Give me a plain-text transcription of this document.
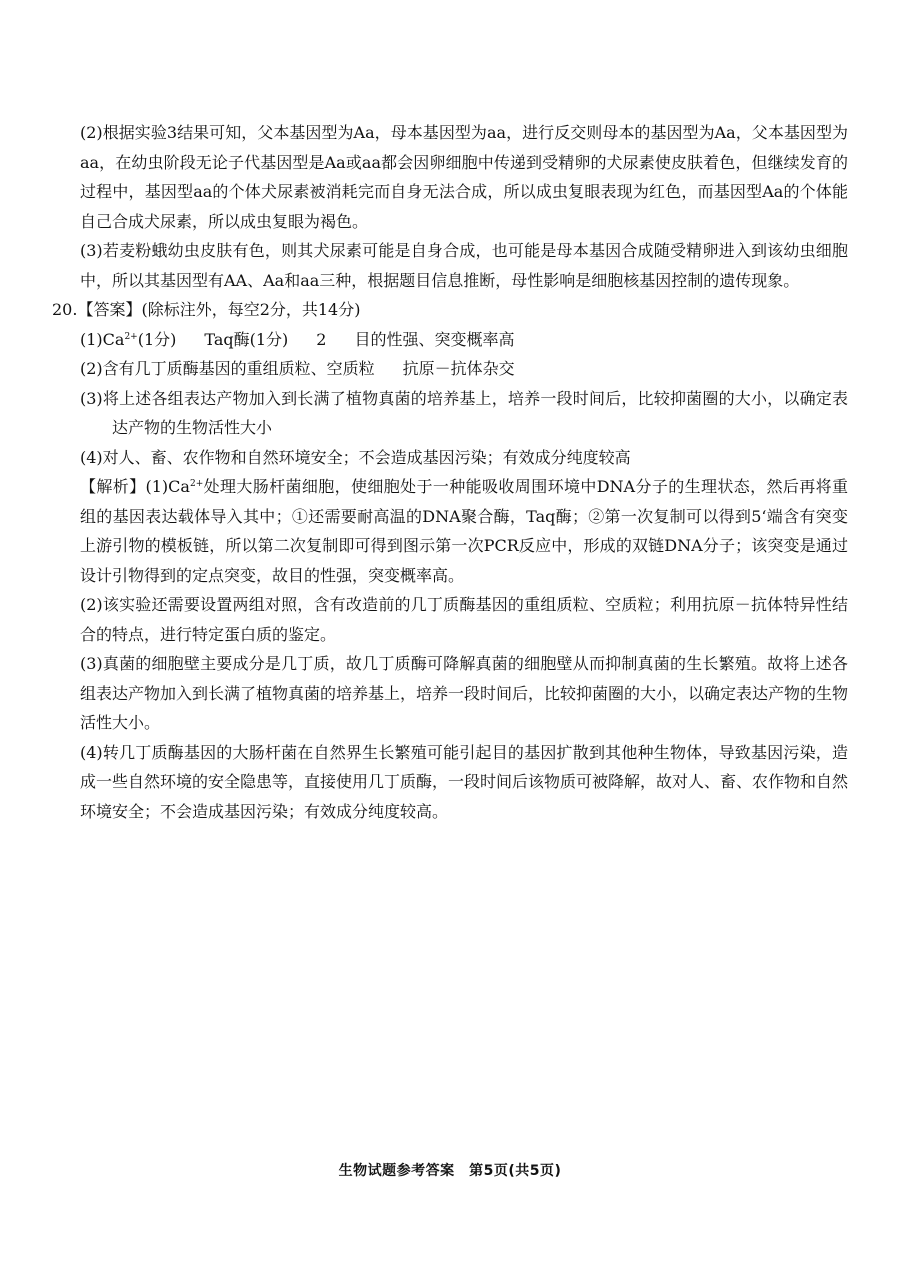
(2)根据实验3结果可知，父本基因型为Aa，母本基因型为aa，进行反交则母本的基因型为Aa，父本基因型为aa，在幼虫阶段无论子代基因型是Aa或aa都会因卵细胞中传递到受精卵的犬尿素使皮肤着色，但继续发育的过程中，基因型aa的个体犬尿素被消耗完而自身无法合成，所以成虫复眼表现为红色，而基因型Aa的个体能自己合成犬尿素，所以成虫复眼为褐色。

(3)若麦粉蛾幼虫皮肤有色，则其犬尿素可能是自身合成，也可能是母本基因合成随受精卵进入到该幼虫细胞中，所以其基因型有AA、Aa和aa三种，根据题目信息推断，母性影响是细胞核基因控制的遗传现象。

20.【答案】(除标注外，每空2分，共14分)

$(1)Ca^{2+}(1$分) Taq酶(1分) 2 目的性强、突变概率高

(2)含有几丁质酶基因的重组质粒、空质粒 抗原－抗体杂交

(3)将上述各组表达产物加入到长满了植物真菌的培养基上，培养一段时间后，比较抑菌圈的大小，以确定表达产物的生物活性大小

(4)对人、畜、农作物和自然环境安全；不会造成基因污染；有效成分纯度较高

【解析】$(1)Ca^{2+}$处理大肠杆菌细胞，使细胞处于一种能吸收周围环境中DNA分子的生理状态，然后再将重组的基因表达载体导入其中；①还需要耐高温的DNA聚合酶，Taq酶；②第一次复制可以得到5‘端含有突变上游引物的模板链，所以第二次复制即可得到图示第一次PCR反应中，形成的双链DNA分子；该突变是通过设计引物得到的定点突变，故目的性强，突变概率高。

(2)该实验还需要设置两组对照，含有改造前的几丁质酶基因的重组质粒、空质粒；利用抗原－抗体特异性结合的特点，进行特定蛋白质的鉴定。

(3)真菌的细胞壁主要成分是几丁质，故几丁质酶可降解真菌的细胞壁从而抑制真菌的生长繁殖。故将上述各组表达产物加入到长满了植物真菌的培养基上，培养一段时间后，比较抑菌圈的大小，以确定表达产物的生物活性大小。

(4)转几丁质酶基因的大肠杆菌在自然界生长繁殖可能引起目的基因扩散到其他种生物体，导致基因污染，造成一些自然环境的安全隐患等，直接使用几丁质酶，一段时间后该物质可被降解，故对人、畜、农作物和自然环境安全；不会造成基因污染；有效成分纯度较高。

生物试题参考答案　第5页(共5页)
